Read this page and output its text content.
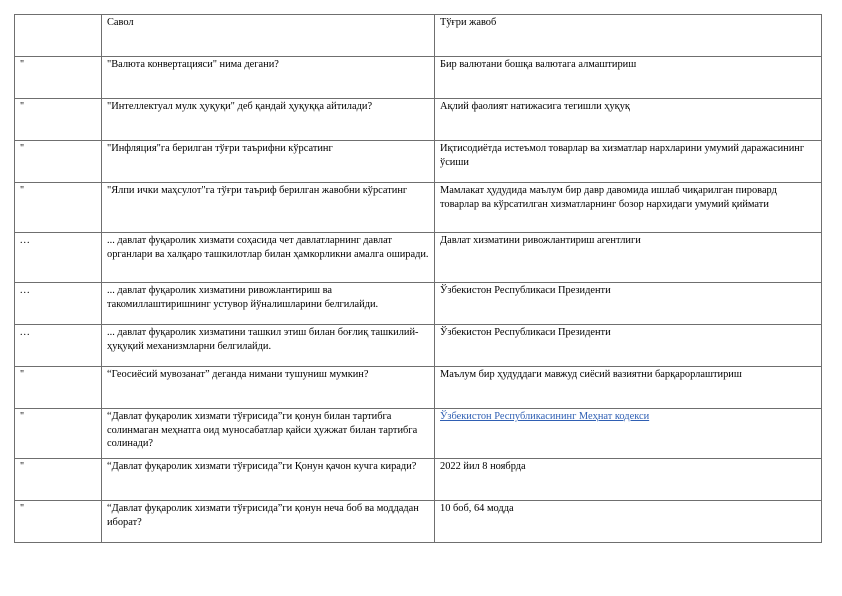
	Савол	Тўғри жавоб
"	"Валюта конвертацияси" нима дегани?	Бир валютани бошқа валютага алмаштириш
"	"Интеллектуал мулк ҳуқуқи" деб қандай ҳуқуққа айтилади?	Ақлий фаолият натижасига тегишли ҳуқуқ
"	"Инфляция"га берилган тўғри таърифни кўрсатинг	Иқтисодиётда истеъмол товарлар ва хизматлар нархларини умумий даражасининг ўсиши
"	"Ялпи ички маҳсулот"га тўғри таъриф берилган жавобни кўрсатинг	Мамлакат ҳудудида маълум бир давр давомида ишлаб чиқарилган пировард товарлар ва кўрсатилган хизматларнинг бозор нархидаги умумий қиймати
...	... давлат фуқаролик хизмати соҳасида чет давлатларнинг давлат органлари ва халқаро ташкилотлар билан ҳамкорликни амалга оширади.	Давлат хизматини ривожлантириш агентлиги
...	... давлат фуқаролик хизматини ривожлантириш ва такомиллаштиришнинг устувор йўналишларини белгилайди.	Ўзбекистон Республикаси Президенти
...	... давлат фуқаролик хизматини ташкил этиш билан боғлиқ ташкилий-ҳуқуқий механизмларни белгилайди.	Ўзбекистон Республикаси Президенти
"	“Геосиёсий мувозанат” деганда нимани тушуниш мумкин?	Маълум бир ҳудуддаги мавжуд сиёсий вазиятни барқарорлаштириш
"	“Давлат фуқаролик хизмати тўғрисида”ги қонун билан тартибга солинмаган меҳнатга оид муносабатлар қайси ҳужжат билан тартибга солинади?	Ўзбекистон Республикасининг Меҳнат кодекси
"	“Давлат фуқаролик хизмати тўғрисида”ги Қонун қачон кучга киради?	2022 йил 8 ноябрда
"	“Давлат фуқаролик хизмати тўғрисида”ги қонун неча боб ва моддадан иборат?	10 боб, 64 модда
